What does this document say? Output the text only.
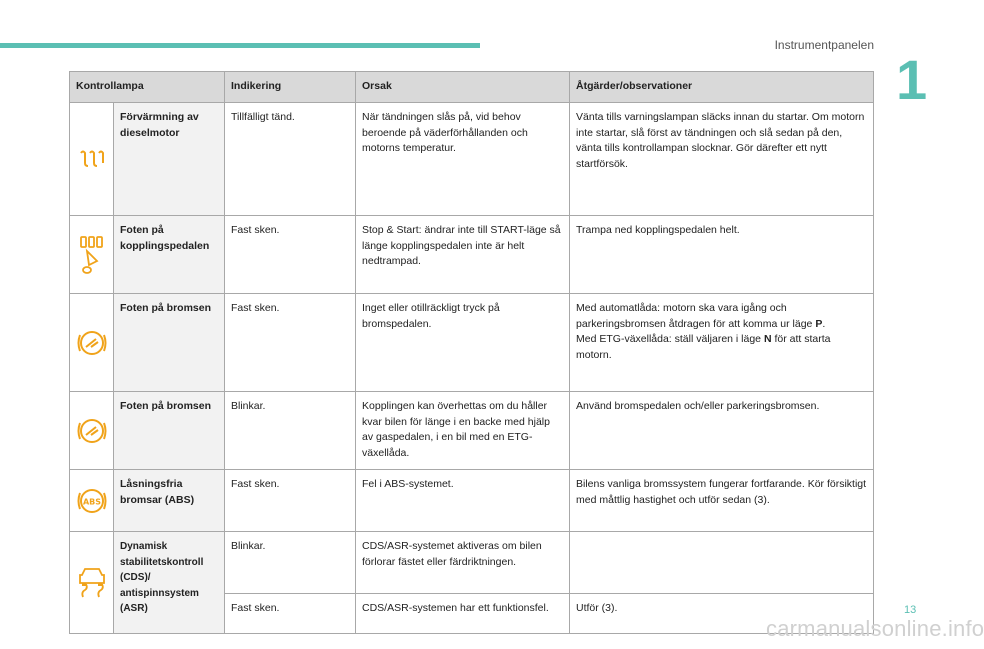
Instrumentpanelen
1
Kontrollampa		Indikering	Orsak	Åtgärder/observationer

	Förvärmning av dieselmotor	Tillfälligt tänd.	När tändningen slås på, vid behov beroende på väderförhållanden och motorns temperatur.	Vänta tills varningslampan släcks innan du startar. Om motorn inte startar, slå först av tändningen och slå sedan på den, vänta tills kontrollampan slocknar. Gör därefter ett nytt startförsök.

	Foten på kopplingspedalen	Fast sken.	Stop & Start: ändrar inte till START-läge så länge kopplingspedalen inte är helt nedtrampad.	Trampa ned kopplingspedalen helt.

	Foten på bromsen	Fast sken.	Inget eller otillräckligt tryck på bromspedalen.	Med automatlåda: motorn ska vara igång och parkeringsbromsen åtdragen för att komma ur läge P.
Med ETG-växellåda: ställ väljaren i läge N för att starta motorn.

	Foten på bromsen	Blinkar.	Kopplingen kan överhettas om du håller kvar bilen för länge i en backe med hjälp av gaspedalen, i en bil med en ETG-växellåda.	Använd bromspedalen och/eller parkeringsbromsen.

ABS	Låsningsfria bromsar (ABS)	Fast sken.	Fel i ABS-systemet.	Bilens vanliga bromssystem fungerar fortfarande. Kör försiktigt med måttlig hastighet och utför sedan (3).

	Dynamisk stabilitetskontroll (CDS)/ antispinnsystem (ASR)	Blinkar.	CDS/ASR-systemet aktiveras om bilen förlorar fästet eller färdriktningen.	
		Fast sken.	CDS/ASR-systemen har ett funktionsfel.	Utför (3).	13
carmanualsonline.info
